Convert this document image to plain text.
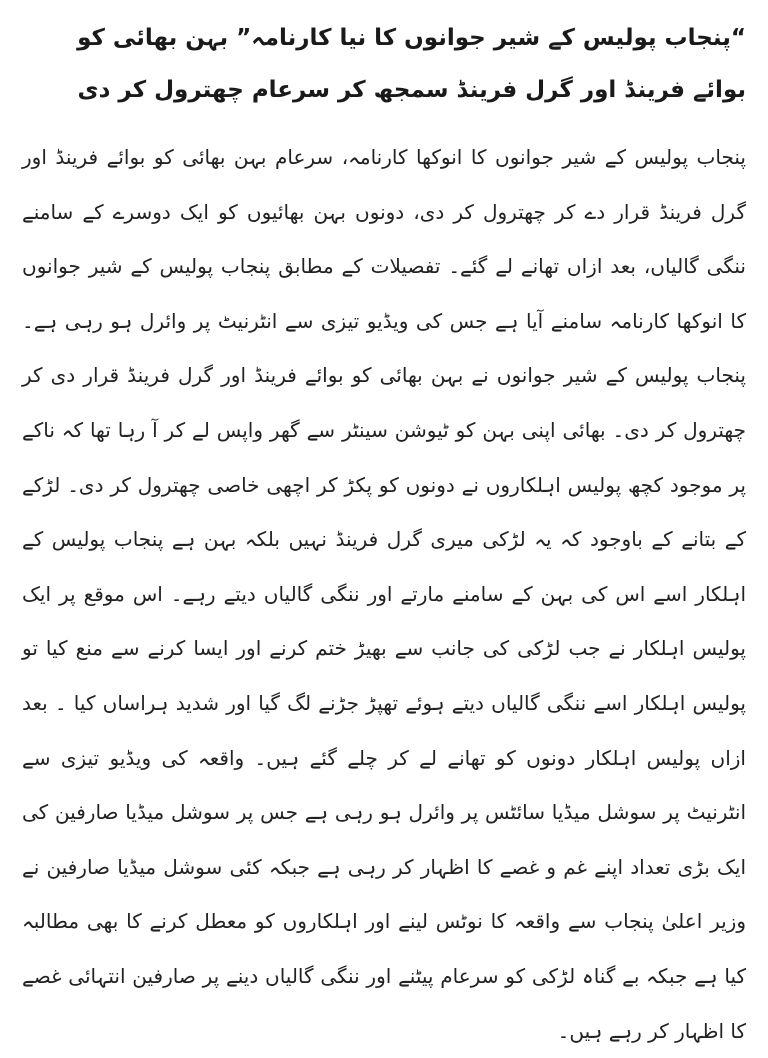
“پنجاب پولیس کے شیر جوانوں کا نیا کارنامہ” بہن بھائی کو بوائے فرینڈ اور گرل فرینڈ سمجھ کر سرعام چھترول کر دی

پنجاب پولیس کے شیر جوانوں کا انوکھا کارنامہ، سرعام بہن بھائی کو بوائے فرینڈ اور گرل فرینڈ قرار دے کر چھترول کر دی، دونوں بہن بھائیوں کو ایک دوسرے کے سامنے ننگی گالیاں، بعد ازاں تھانے لے گئے۔ تفصیلات کے مطابق پنجاب پولیس کے شیر جوانوں کا انوکھا کارنامہ سامنے آیا ہے جس کی ویڈیو تیزی سے انٹرنیٹ پر وائرل ہو رہی ہے۔ پنجاب پولیس کے شیر جوانوں نے بہن بھائی کو بوائے فرینڈ اور گرل فرینڈ قرار دی کر چھترول کر دی۔ بھائی اپنی بہن کو ٹیوشن سینٹر سے گھر واپس لے کر آ رہا تھا کہ ناکے پر موجود کچھ پولیس اہلکاروں نے دونوں کو پکڑ کر اچھی خاصی چھترول کر دی۔ لڑکے کے بتانے کے باوجود کہ یہ لڑکی میری گرل فرینڈ نہیں بلکہ بہن ہے پنجاب پولیس کے اہلکار اسے اس کی بہن کے سامنے مارتے اور ننگی گالیاں دیتے رہے۔ اس موقع پر ایک پولیس اہلکار نے جب لڑکی کی جانب سے بھیڑ ختم کرنے اور ایسا کرنے سے منع کیا تو پولیس اہلکار اسے ننگی گالیاں دیتے ہوئے تھپڑ جڑنے لگ گیا اور شدید ہراساں کیا ۔ بعد ازاں پولیس اہلکار دونوں کو تھانے لے کر چلے گئے ہیں۔ واقعہ کی ویڈیو تیزی سے انٹرنیٹ پر سوشل میڈیا سائٹس پر وائرل ہو رہی ہے جس پر سوشل میڈیا صارفین کی ایک بڑی تعداد اپنے غم و غصے کا اظہار کر رہی ہے جبکہ کئی سوشل میڈیا صارفین نے وزیر اعلیٰ پنجاب سے واقعہ کا نوٹس لینے اور اہلکاروں کو معطل کرنے کا بھی مطالبہ کیا ہے جبکہ بے گناہ لڑکی کو سرعام پیٹنے اور ننگی گالیاں دینے پر صارفین انتہائی غصے کا اظہار کر رہے ہیں۔
